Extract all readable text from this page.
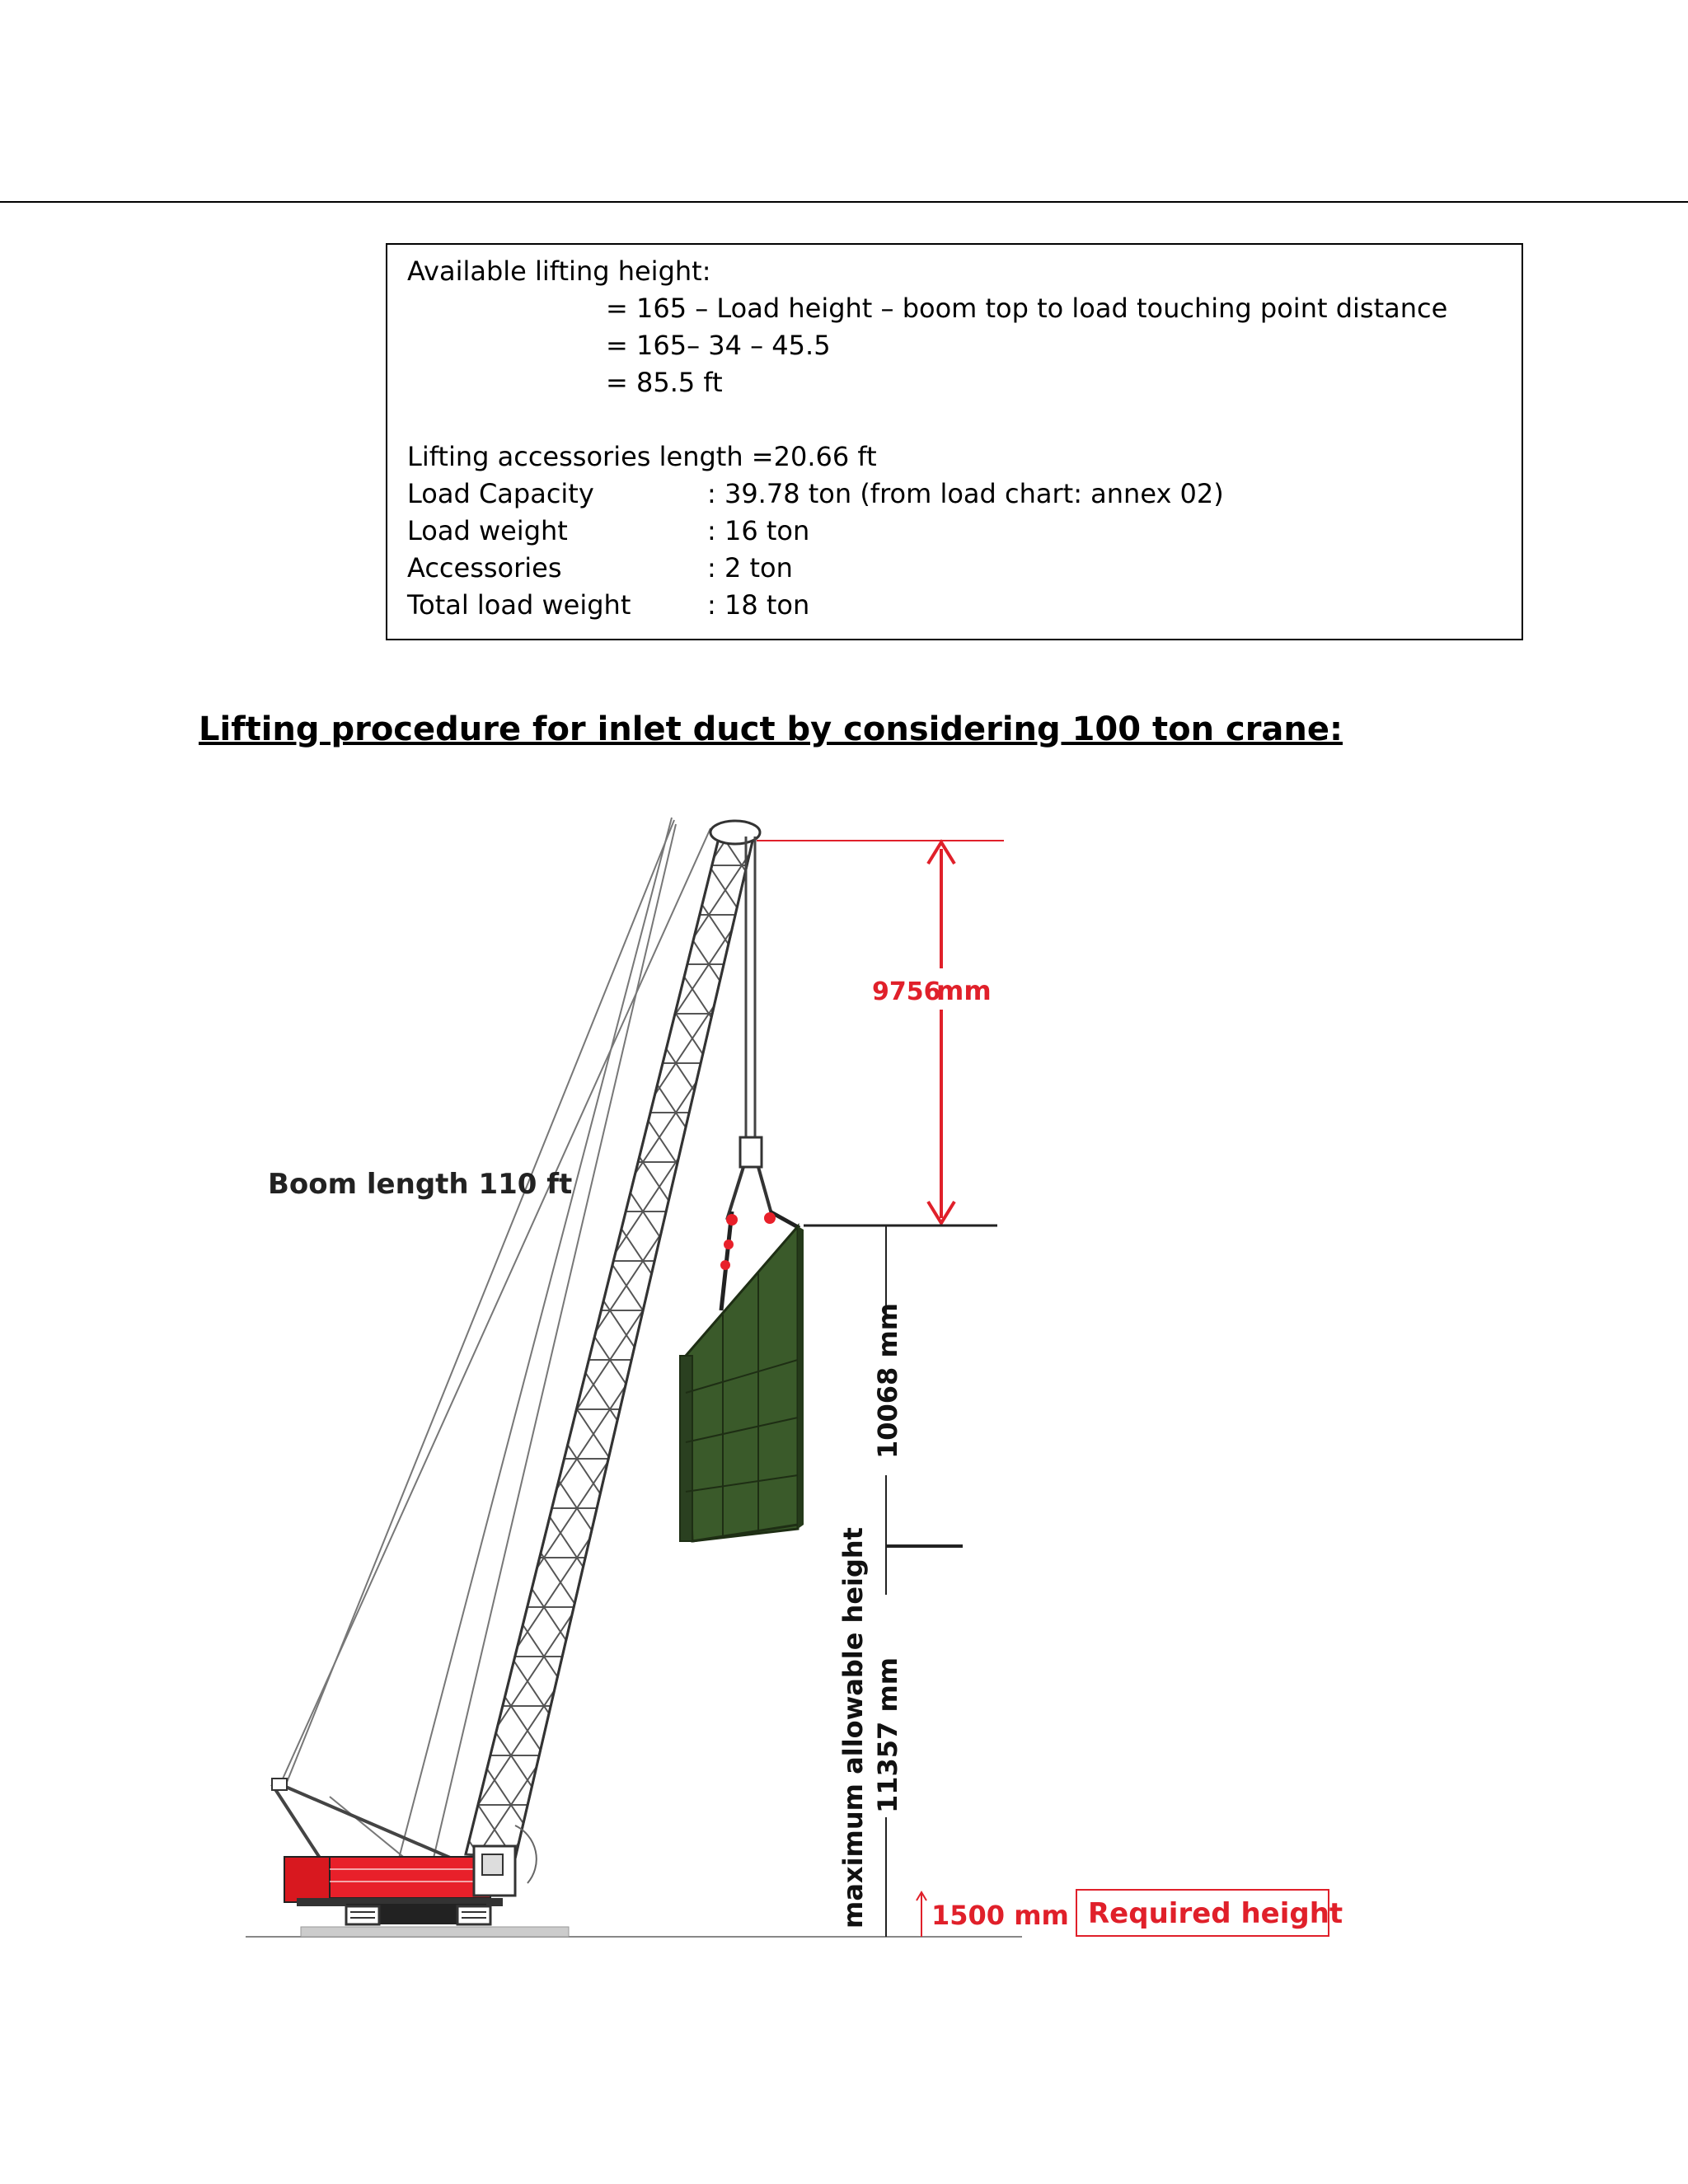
Available lifting height:
= 165 – Load height – boom top to load touching point distance
= 165– 34 – 45.5
= 85.5 ft
Lifting accessories length =20.66 ft
Load Capacity	: 39.78 ton (from load chart: annex 02)
Load weight	: 16 ton
Accessories	: 2 ton
Total load weight	: 18 ton
Lifting procedure for inlet duct by considering 100 ton crane:
9756
mm
10068 mm
11357 mm
maximum allowable height 1500 mm Required height
Boom length 110 ft
